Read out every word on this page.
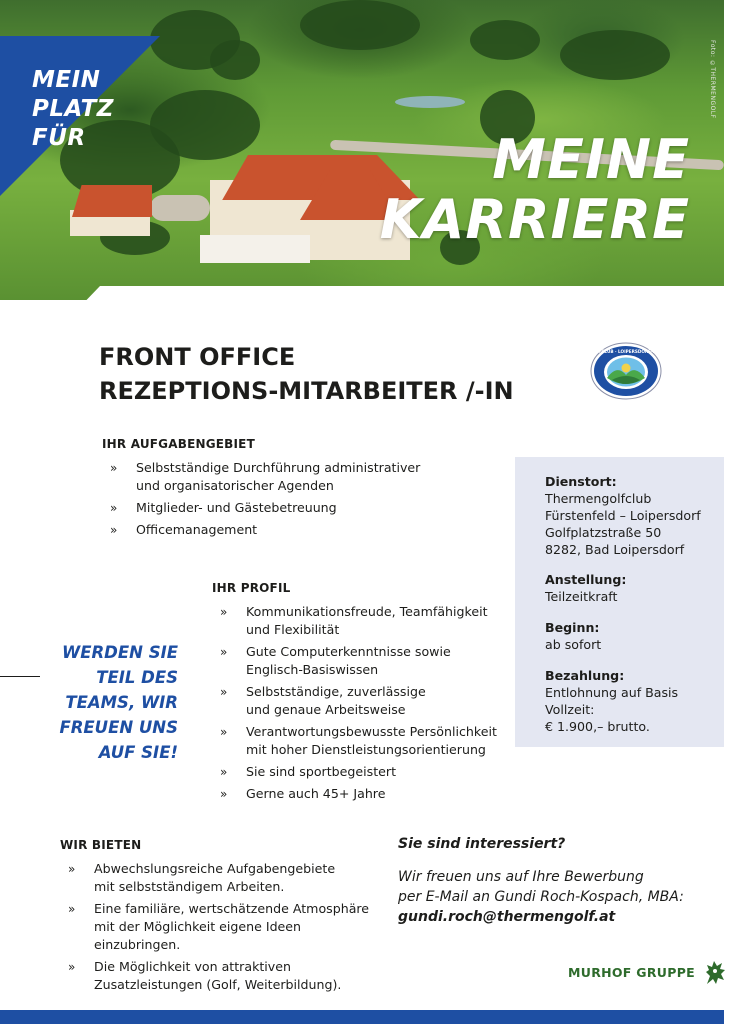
MEIN
PLATZ
FÜR	MEINE
KARRIERE
Foto: ©THERMENGOLF
FRONT OFFICE
REZEPTIONS-MITARBEITER /-IN
THERMENGOLFCLUB · LOIPERSDORF-FÜRSTENFELD
IHR AUFGABENGEBIET
» Selbstständige Durchführung administrativer
und organisatorischer Agenden
» Mitglieder- und Gästebetreuung
» Officemanagement
Dienstort:
Thermengolfclub
Fürstenfeld – Loipersdorf
Golfplatzstraße 50
8282, Bad Loipersdorf
Anstellung:
Teilzeitkraft
Beginn:
ab sofort
Bezahlung:
Entlohnung auf Basis
Vollzeit:
€ 1.900,– brutto.
IHR PROFIL
» Kommunikationsfreude, Teamfähigkeit
und Flexibilität
» Gute Computerkenntnisse sowie
Englisch-Basiswissen
» Selbstständige, zuverlässige
und genaue Arbeitsweise
» Verantwortungsbewusste Persönlichkeit
mit hoher Dienstleistungsorientierung
» Sie sind sportbegeistert
» Gerne auch 45+ Jahre
WERDEN SIE
TEIL DES
TEAMS, WIR
FREUEN UNS
AUF SIE!
WIR BIETEN
» Abwechslungsreiche Aufgabengebiete
mit selbstständigem Arbeiten.
» Eine familiäre, wertschätzende Atmosphäre
mit der Möglichkeit eigene Ideen einzubringen.
» Die Möglichkeit von attraktiven
Zusatzleistungen (Golf, Weiterbildung).
Sie sind interessiert?
Wir freuen uns auf Ihre Bewerbung
per E-Mail an Gundi Roch-Kospach, MBA:
gundi.roch@thermengolf.at
MURHOF GRUPPE
